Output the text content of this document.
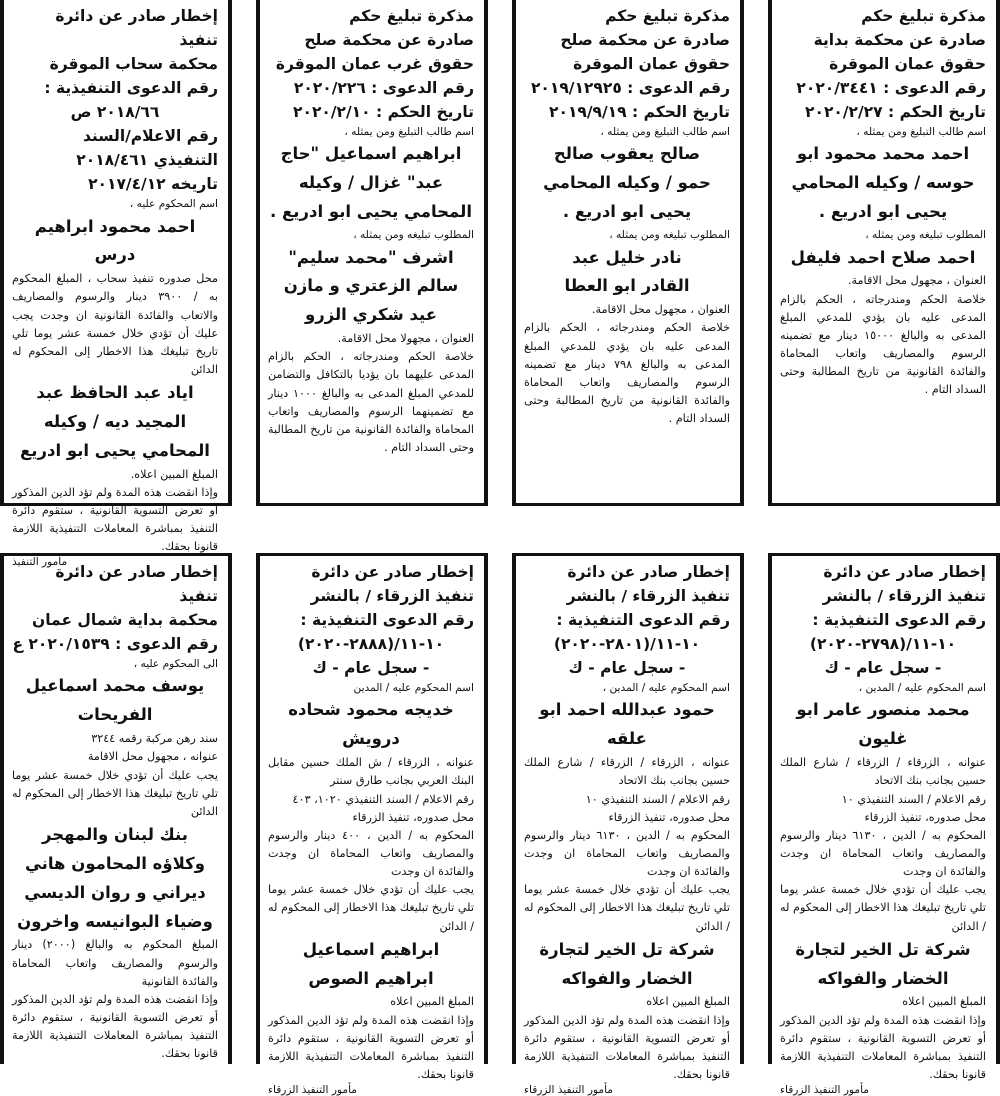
مذكرة تبليغ حكم
صادرة عن محكمة بداية
حقوق عمان الموقرة
رقم الدعوى : ٢٠٢٠/٣٤٤١
تاريخ الحكم : ٢٠٢٠/٢/٢٧
اسم طالب التبليغ ومن يمثله ،
احمد محمد محمود ابو
حوسه / وكيله المحامي
يحيى ابو ادريع .
المطلوب تبليغه ومن يمثله ،
احمد صلاح احمد فليفل
العنوان ، مجهول محل الاقامة.
خلاصة الحكم ومندرجاته ، الحكم بالزام المدعى عليه بان يؤدي للمدعي المبلغ المدعى به والبالغ ١٥٠٠٠ دينار مع تضمينه الرسوم والمصاريف واتعاب المحاماة والفائدة القانونية من تاريخ المطالبة وحتى السداد التام .
مذكرة تبليغ حكم
صادرة عن محكمة صلح
حقوق عمان الموقرة
رقم الدعوى : ٢٠١٩/١٢٩٢٥
تاريخ الحكم : ٢٠١٩/٩/١٩
اسم طالب التبليغ ومن يمثله ،
صالح يعقوب صالح
حمو / وكيله المحامي
يحيى ابو ادريع .
المطلوب تبليغه ومن يمثله ،
نادر خليل عبد
القادر ابو العطا
العنوان ، مجهول محل الاقامة.
خلاصة الحكم ومندرجاته ، الحكم بالزام المدعى عليه بان يؤدي للمدعي المبلغ المدعى به والبالغ ٧٩٨ دينار مع تضمينه الرسوم والمصاريف واتعاب المحاماة والفائدة القانونية من تاريخ المطالبة وحتى السداد التام .
مذكرة تبليغ حكم
صادرة عن محكمة صلح
حقوق غرب عمان الموقرة
رقم الدعوى : ٢٠٢٠/٢٢٦
تاريخ الحكم : ٢٠٢٠/٢/١٠
اسم طالب التبليغ ومن يمثله ،
ابراهيم اسماعيل "حاج
عبد" غزال / وكيله
المحامي يحيى ابو ادريع .
المطلوب تبليغه ومن يمثله ،
اشرف "محمد سليم"
سالم الزعتري و مازن
عيد شكري الزرو
العنوان ، مجهولا محل الاقامة.
خلاصة الحكم ومندرجاته ، الحكم بالزام المدعى عليهما بان يؤديا بالتكافل والتضامن للمدعي المبلغ المدعى به والبالغ ١٠٠٠ دينار مع تضمينهما الرسوم والمصاريف واتعاب المحاماة والفائدة القانونية من تاريخ المطالبة وحتى السداد التام .
إخطار صادر عن دائرة تنفيذ
محكمة سحاب الموقرة
رقم الدعوى التنفيذية :
٢٠١٨/٦٦ ص
رقم الاعلام/السند
التنفيذي ٢٠١٨/٤٦١
تاريخه ٢٠١٧/٤/١٢
اسم المحكوم عليه ،
احمد محمود ابراهيم درس
محل صدوره تنفيذ سحاب ، المبلغ المحكوم به / ٣٩٠٠ دينار والرسوم والمصاريف والاتعاب والفائدة القانونية ان وجدت يجب عليك أن تؤدي خلال خمسة عشر يوما تلي تاريخ تبليغك هذا الاخطار إلى المحكوم له الدائن
اياد عبد الحافظ عبد
المجيد ديه / وكيله
المحامي يحيى ابو ادريع
المبلغ المبين اعلاه.
وإذا انقضت هذه المدة ولم تؤد الدين المذكور أو تعرض التسوية القانونية ، ستقوم دائرة التنفيذ بمباشرة المعاملات التنفيذية اللازمة قانونا بحقك.
مأمور التنفيذ
إخطار صادر عن دائرة
تنفيذ الزرقاء / بالنشر
رقم الدعوى التنفيذية :
١٠-١١/(٢٧٩٨-٢٠٢٠)
- سجل عام - ك
اسم المحكوم عليه / المدين ،
محمد منصور عامر ابو غليون
عنوانه ، الزرقاء / الزرقاء / شارع الملك حسين بجانب بنك الاتحاد
رقم الاعلام / السند التنفيذي ١٠
محل صدوره، تنفيذ الزرقاء
المحكوم به / الدين ، ٦١٣٠ دينار والرسوم والمصاريف واتعاب المحاماة ان وجدت والفائدة ان وجدت
يجب عليك أن تؤدي خلال خمسة عشر يوما تلي تاريخ تبليغك هذا الاخطار إلى المحكوم له / الدائن
شركة تل الخير لتجارة
الخضار والفواكه
المبلغ المبين اعلاه
وإذا انقضت هذه المدة ولم تؤد الدين المذكور أو تعرض التسوية القانونية ، ستقوم دائرة التنفيذ بمباشرة المعاملات التنفيذية اللازمة قانونا بحقك.
مأمور التنفيذ الزرقاء
إخطار صادر عن دائرة
تنفيذ الزرقاء / بالنشر
رقم الدعوى التنفيذية :
١٠-١١/(٢٨٠١-٢٠٢٠)
- سجل عام - ك
اسم المحكوم عليه / المدين ،
حمود عبدالله احمد ابو علقه
عنوانه ، الزرقاء / الزرقاء / شارع الملك حسين بجانب بنك الاتحاد
رقم الاعلام / السند التنفيذي ١٠
محل صدوره، تنفيذ الزرقاء
المحكوم به / الدين ، ٦١٣٠ دينار والرسوم والمصاريف واتعاب المحاماة ان وجدت والفائدة ان وجدت
يجب عليك أن تؤدي خلال خمسة عشر يوما تلي تاريخ تبليغك هذا الاخطار إلى المحكوم له / الدائن
شركة تل الخير لتجارة
الخضار والفواكه
المبلغ المبين اعلاه
وإذا انقضت هذه المدة ولم تؤد الدين المذكور أو تعرض التسوية القانونية ، ستقوم دائرة التنفيذ بمباشرة المعاملات التنفيذية اللازمة قانونا بحقك.
مأمور التنفيذ الزرقاء
إخطار صادر عن دائرة
تنفيذ الزرقاء / بالنشر
رقم الدعوى التنفيذية :
١٠-١١/(٢٨٨٨-٢٠٢٠)
- سجل عام - ك
اسم المحكوم عليه / المدين
خديجه محمود شحاده درويش
عنوانه ، الزرقاء / ش الملك حسين مقابل البنك العربي بجانب طارق سنتر
رقم الاعلام / السند التنفيذي ١٠٢٠، ٤٠٣
محل صدوره، تنفيذ الزرقاء
المحكوم به / الدين ، ٤٠٠ دينار والرسوم والمصاريف واتعاب المحاماة ان وجدت والفائدة ان وجدت
يجب عليك أن تؤدي خلال خمسة عشر يوما تلي تاريخ تبليغك هذا الاخطار إلى المحكوم له / الدائن
ابراهيم اسماعيل
ابراهيم الصوص
المبلغ المبين اعلاه
وإذا انقضت هذه المدة ولم تؤد الدين المذكور أو تعرض التسوية القانونية ، ستقوم دائرة التنفيذ بمباشرة المعاملات التنفيذية اللازمة قانونا بحقك.
مأمور التنفيذ الزرقاء
إخطار صادر عن دائرة تنفيذ
محكمة بداية شمال عمان
رقم الدعوى : ٢٠٢٠/١٥٣٩ ع
الى المحكوم عليه ،
يوسف محمد اسماعيل
الفريحات
سند رهن مركبة رقمه ٣٢٤٤
عنوانه ، مجهول محل الاقامة
يجب عليك أن تؤدي خلال خمسة عشر يوما تلي تاريخ تبليغك هذا الاخطار إلى المحكوم له الدائن
بنك لبنان والمهجر
وكلاؤه المحامون هاني
ديراني و روان الديسي
وضياء البوانيسه واخرون
المبلغ المحكوم به والبالغ (٢٠٠٠) دينار والرسوم والمصاريف واتعاب المحاماة والفائدة القانونية
وإذا انقضت هذه المدة ولم تؤد الدين المذكور أو تعرض التسوية القانونية ، ستقوم دائرة التنفيذ بمباشرة المعاملات التنفيذية اللازمة قانونا بحقك.
